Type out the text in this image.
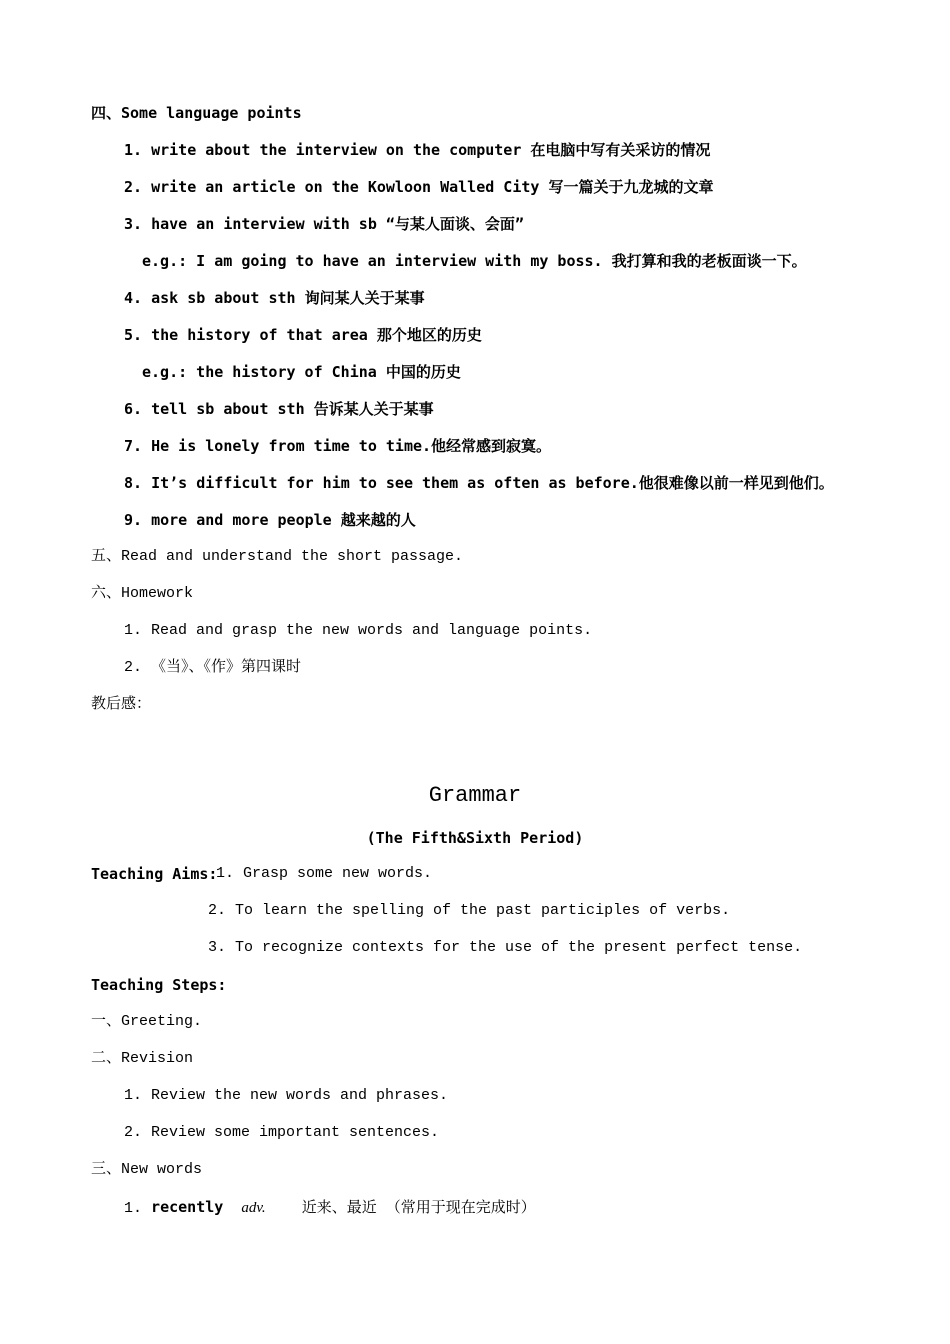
四、Some language points
1. write about the interview on the computer 在电脑中写有关采访的情况
2. write an article on the Kowloon Walled City 写一篇关于九龙城的文章
3. have an interview with sb “与某人面谈、会面”
e.g.: I am going to have an interview with my boss. 我打算和我的老板面谈一下。
4. ask sb about sth 询问某人关于某事
5. the history of that area 那个地区的历史
e.g.: the history of China 中国的历史
6. tell sb about sth 告诉某人关于某事
7. He is lonely from time to time.他经常感到寂寞。
8. It’s difficult for him to see them as often as before.他很难像以前一样见到他们。
9. more and more people 越来越的人
五、Read and understand the short passage.
六、Homework
1. Read and grasp the new words and language points.
2. 《当》、《作》第四课时
教后感：
Grammar
(The Fifth&Sixth Period)
Teaching Aims:
1. Grasp some new words.
2. To learn the spelling of the past participles of verbs.
3. To recognize contexts for the use of the present perfect tense.
Teaching Steps:
一、Greeting.
二、Revision
1. Review the new words and phrases.
2. Review some important sentences.
三、New words
1. recently adv. 近来、最近 （常用于现在完成时）
